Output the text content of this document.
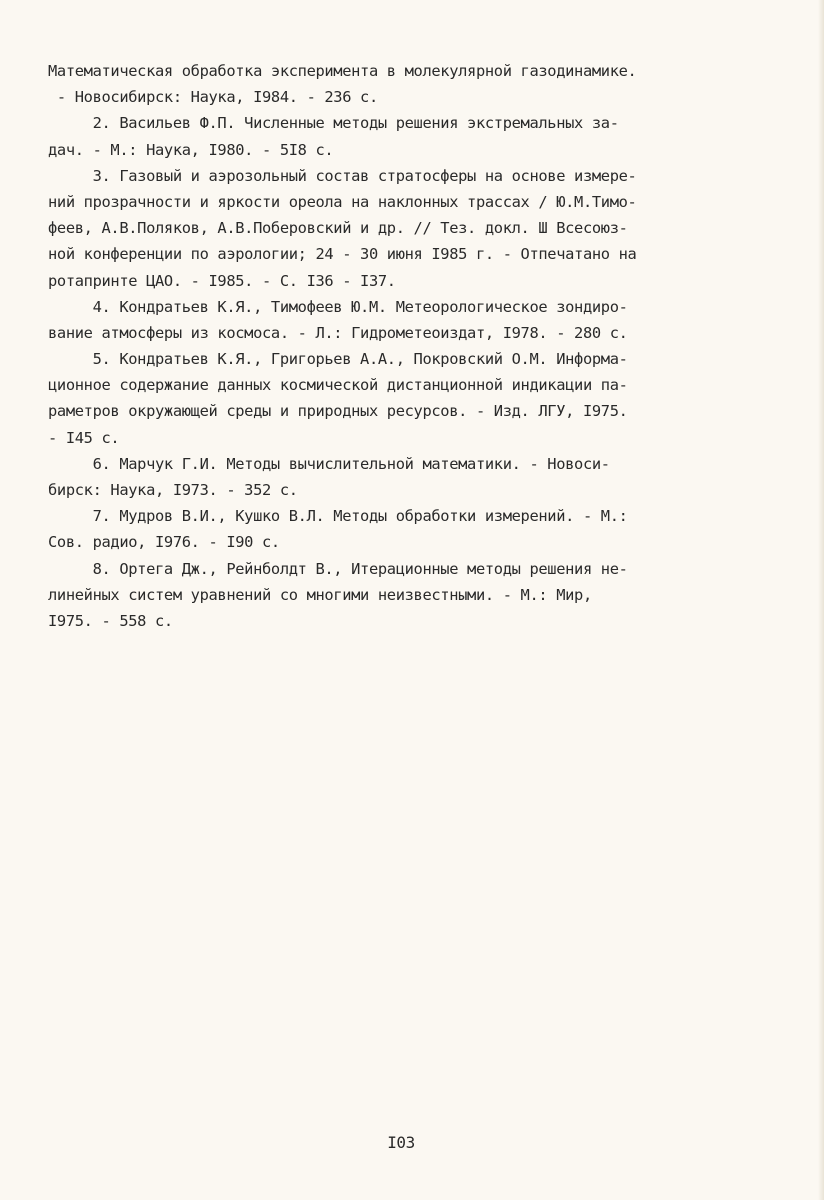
Математическая обработка эксперимента в молекулярной газодинамике.
- Новосибирск: Наука, I984. - 236 с.
2. Васильев Ф.П. Численные методы решения экстремальных за-
дач. - М.: Наука, I980. - 5I8 с.
3. Газовый и аэрозольный состав стратосферы на основе измере-
ний прозрачности и яркости ореола на наклонных трассах / Ю.М.Тимо-
феев, А.В.Поляков, А.В.Поберовский и др. // Тез. докл. Ш Всесоюз-
ной конференции по аэрологии; 24 - 30 июня I985 г. - Отпечатано на
ротапринте ЦАО. - I985. - С. I36 - I37.
4. Кондратьев К.Я., Тимофеев Ю.М. Метеорологическое зондиро-
вание атмосферы из космоса. - Л.: Гидрометеоиздат, I978. - 280 с.
5. Кондратьев К.Я., Григорьев А.А., Покровский О.М. Информа-
ционное содержание данных космической дистанционной индикации па-
раметров окружающей среды и природных ресурсов. - Изд. ЛГУ, I975.
- I45 с.
6. Марчук Г.И. Методы вычислительной математики. - Новоси-
бирск: Наука, I973. - 352 с.
7. Мудров В.И., Кушко В.Л. Методы обработки измерений. - М.:
Сов. радио, I976. - I90 с.
8. Ортега Дж., Рейнболдт В., Итерационные методы решения не-
линейных систем уравнений со многими неизвестными. - М.: Мир,
I975. - 558 с.
I03
